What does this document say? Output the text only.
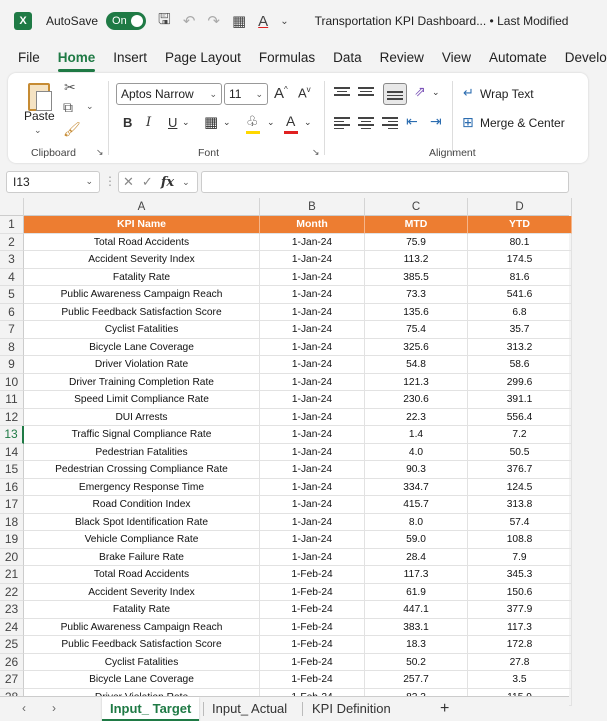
X	AutoSave On 🖫 ↶ ↷ ▦ A ⌄ Transportation KPI Dashboard... • Last Modified
File Home Insert Page Layout Formulas Data Review View Automate Develo
Paste
⌄
✂
⧉ ⌄
🖌
Clipboard ↘
Aptos Narrow ⌄ 11 ⌄ A^ $A^v$
B I U ⌄ ▦ ⌄ ♧ ⌄ A ⌄
Font	↘
⇗ ⌄
⇤ ⇥
↵ Wrap Text
⊞ Merge & Center
Alignment
I13	⌄ ⋮ ✕ ✓ fx ⌄
A	B	C	D
1	KPI Name	Month	MTD	YTD
2	Total Road Accidents	1-Jan-24	75.9	80.1
3	Accident Severity Index	1-Jan-24	113.2	174.5
4	Fatality Rate	1-Jan-24	385.5	81.6
5	Public Awareness Campaign Reach	1-Jan-24	73.3	541.6
6	Public Feedback Satisfaction Score	1-Jan-24	135.6	6.8
7	Cyclist Fatalities	1-Jan-24	75.4	35.7
8	Bicycle Lane Coverage	1-Jan-24	325.6	313.2
9	Driver Violation Rate	1-Jan-24	54.8	58.6
10	Driver Training Completion Rate	1-Jan-24	121.3	299.6
11	Speed Limit Compliance Rate	1-Jan-24	230.6	391.1
12	DUI Arrests	1-Jan-24	22.3	556.4
13	Traffic Signal Compliance Rate	1-Jan-24	1.4	7.2
14	Pedestrian Fatalities	1-Jan-24	4.0	50.5
15	Pedestrian Crossing Compliance Rate	1-Jan-24	90.3	376.7
16	Emergency Response Time	1-Jan-24	334.7	124.5
17	Road Condition Index	1-Jan-24	415.7	313.8
18	Black Spot Identification Rate	1-Jan-24	8.0	57.4
19	Vehicle Compliance Rate	1-Jan-24	59.0	108.8
20	Brake Failure Rate	1-Jan-24	28.4	7.9
21	Total Road Accidents	1-Feb-24	117.3	345.3
22	Accident Severity Index	1-Feb-24	61.9	150.6
23	Fatality Rate	1-Feb-24	447.1	377.9
24	Public Awareness Campaign Reach	1-Feb-24	383.1	117.3
25	Public Feedback Satisfaction Score	1-Feb-24	18.3	172.8
26	Cyclist Fatalities	1-Feb-24	50.2	27.8
27	Bicycle Lane Coverage	1-Feb-24	257.7	3.5
‹ ›	Input_ Target	Input_ Actual	KPI Definition	+
